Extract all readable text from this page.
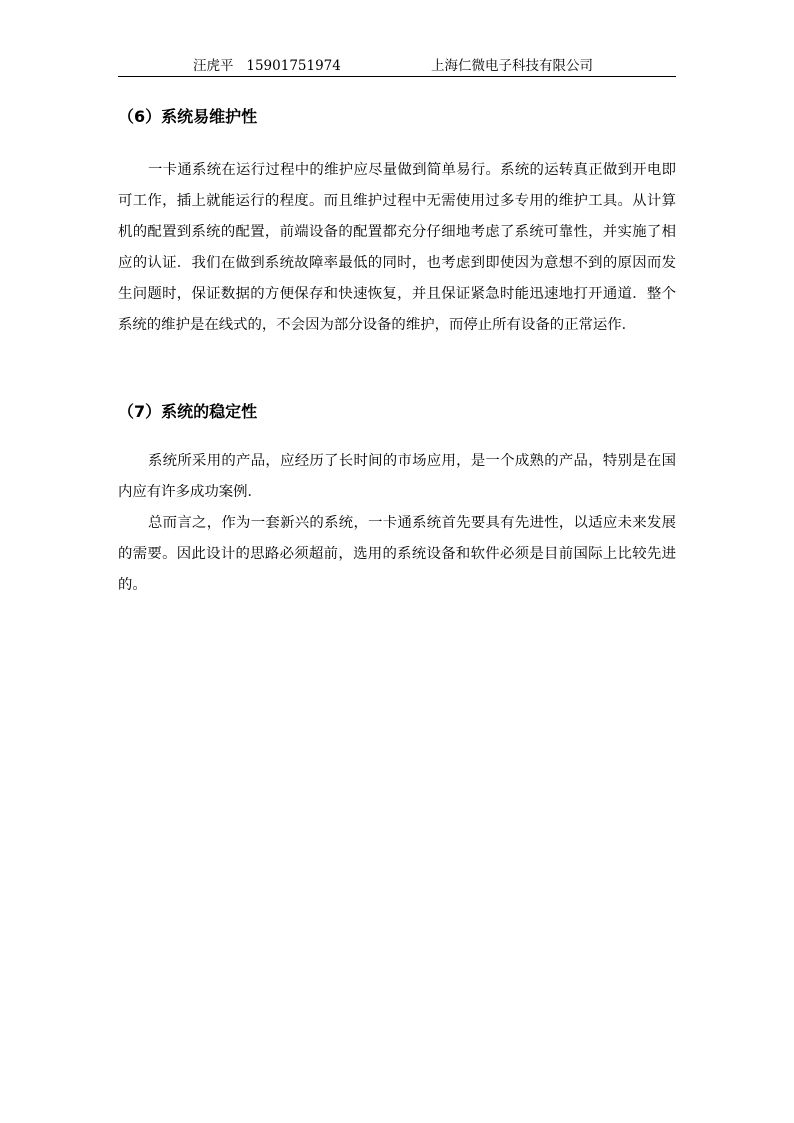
汪虎平 15901751974	上海仁微电子科技有限公司
（6）系统易维护性

一卡通系统在运行过程中的维护应尽量做到简单易行。系统的运转真正做到开电即可工作，插上就能运行的程度。而且维护过程中无需使用过多专用的维护工具。从计算机的配置到系统的配置，前端设备的配置都充分仔细地考虑了系统可靠性，并实施了相应的认证．我们在做到系统故障率最低的同时，也考虑到即使因为意想不到的原因而发生问题时，保证数据的方便保存和快速恢复，并且保证紧急时能迅速地打开通道．整个系统的维护是在线式的，不会因为部分设备的维护，而停止所有设备的正常运作．

（7）系统的稳定性

系统所采用的产品，应经历了长时间的市场应用，是一个成熟的产品，特别是在国内应有许多成功案例．

总而言之，作为一套新兴的系统，一卡通系统首先要具有先进性，以适应未来发展的需要。因此设计的思路必须超前，选用的系统设备和软件必须是目前国际上比较先进的。
